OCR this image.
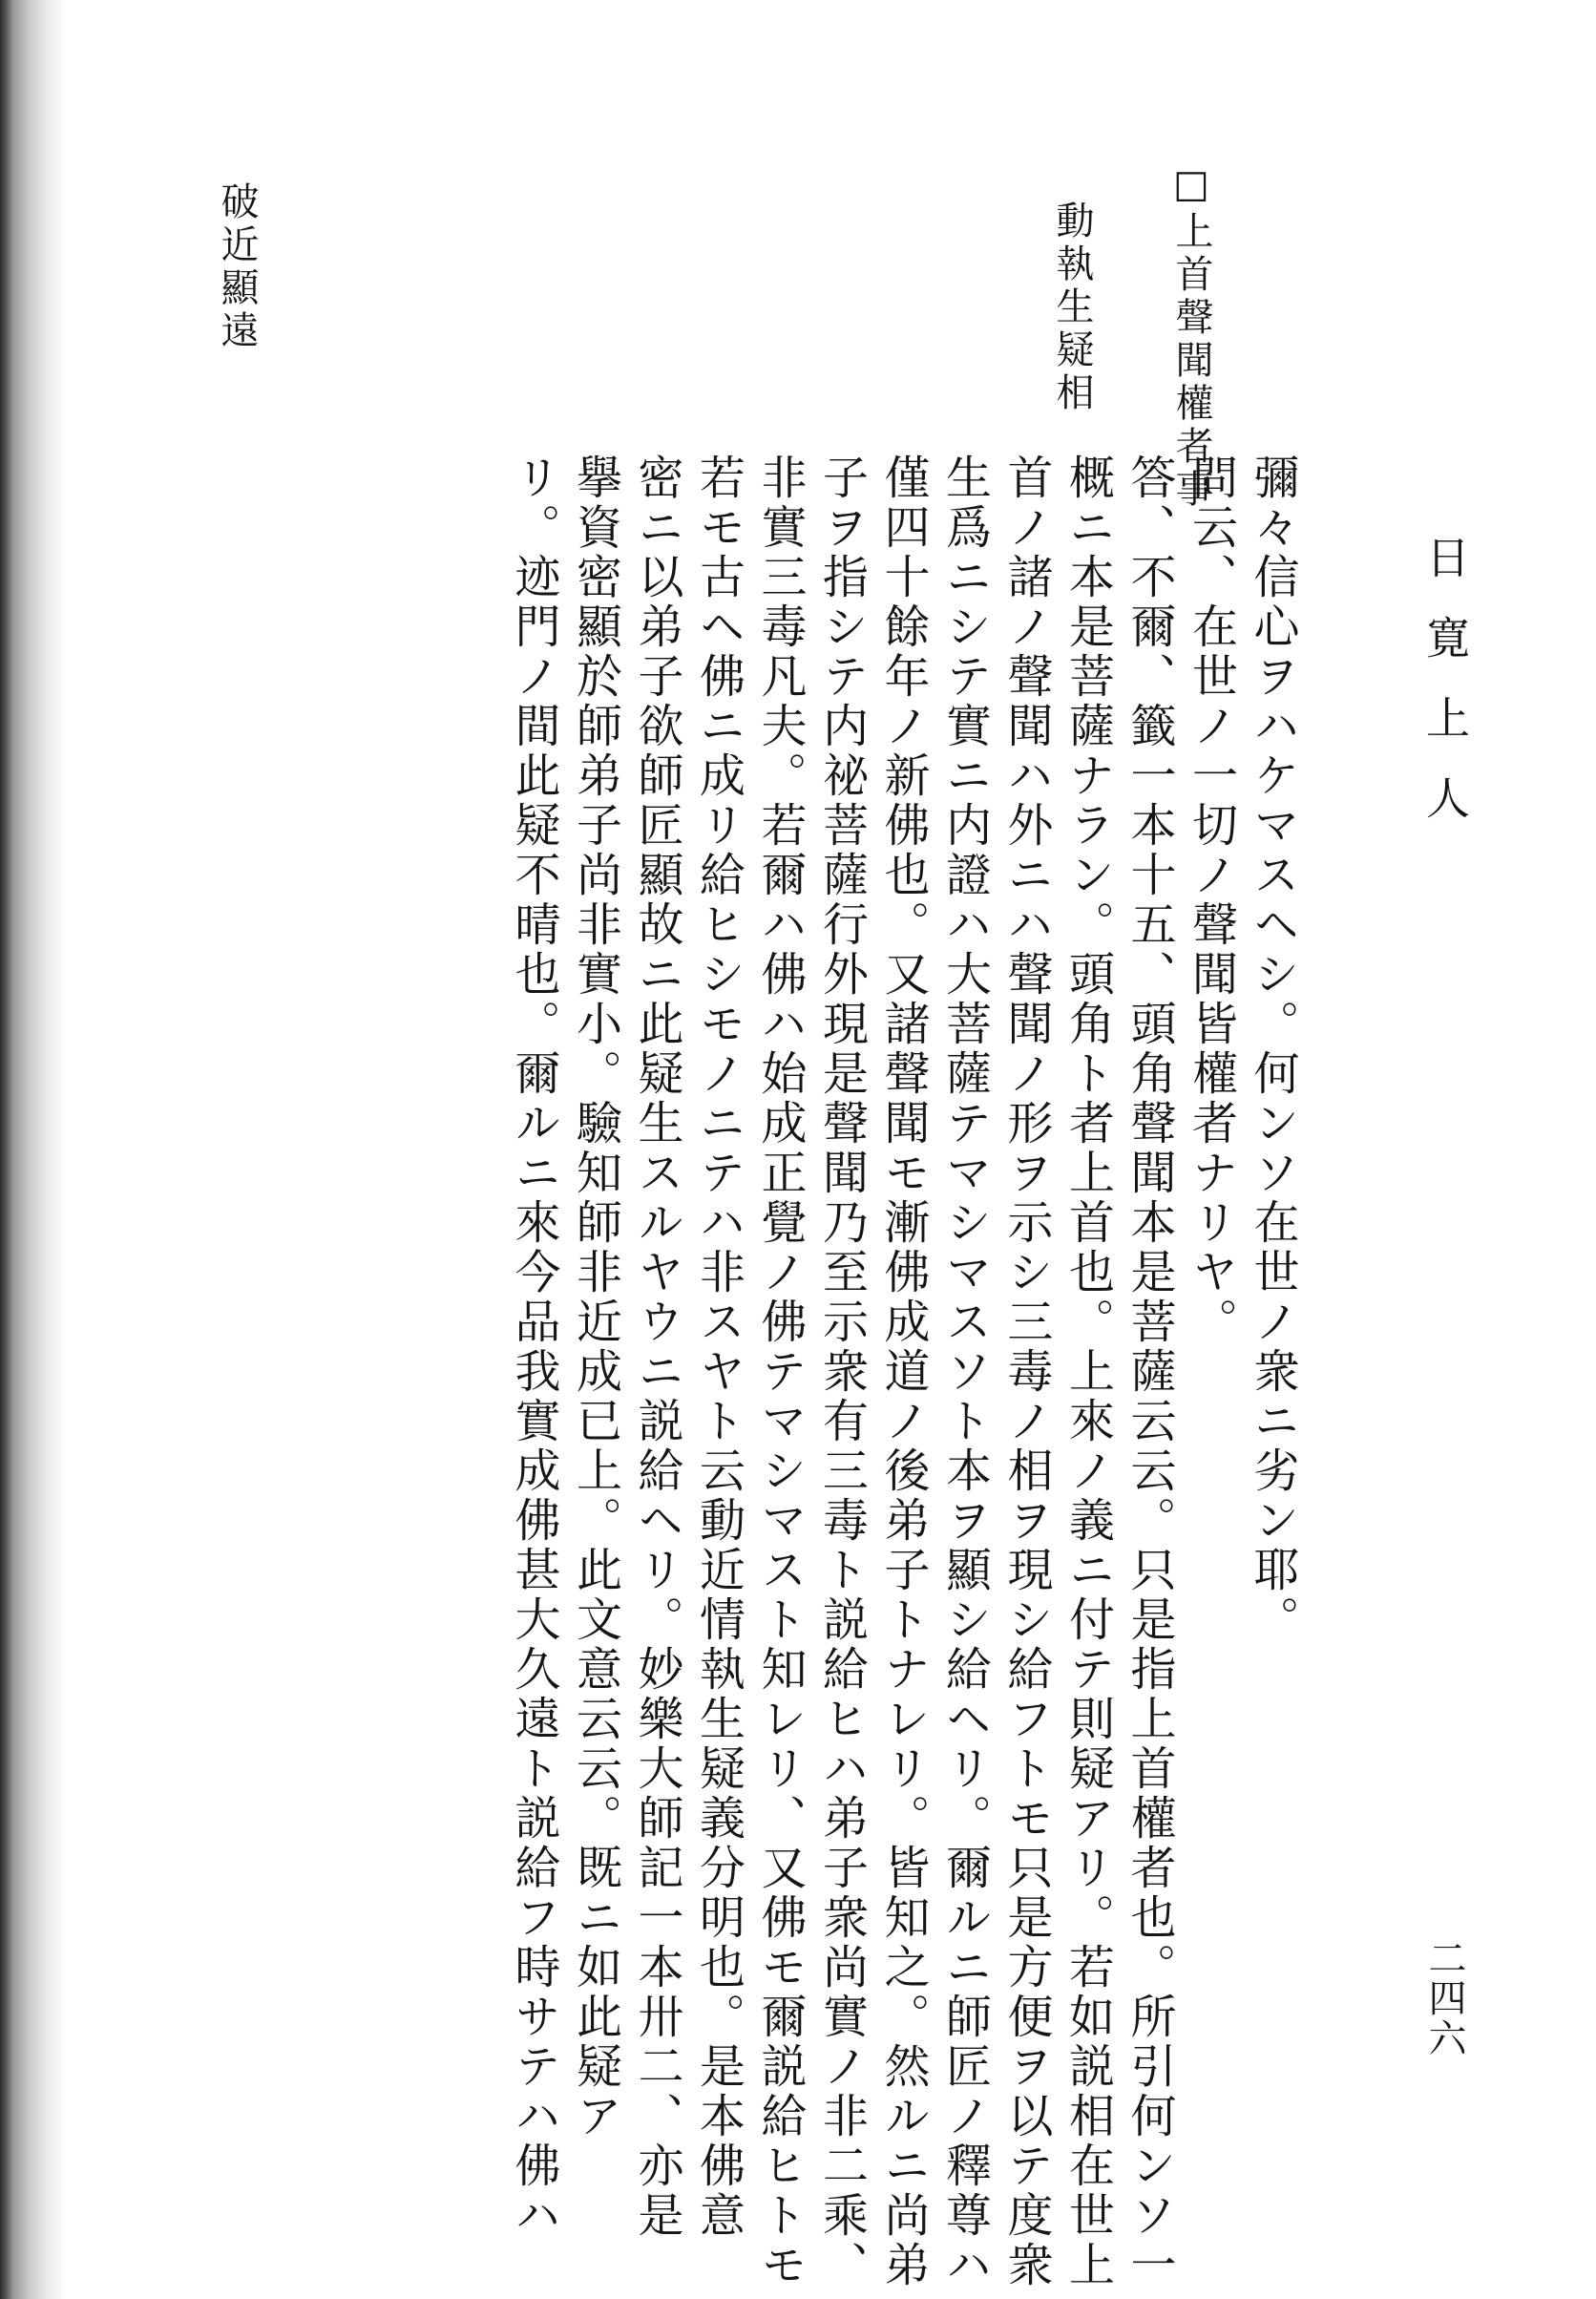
日寛上人
二四六
□上首聲聞權者事
動執生疑相
破近顯遠
彌々信心ヲハケマスヘシ。何ンソ在世ノ衆ニ劣ン耶。
問云、在世ノ一切ノ聲聞皆權者ナリヤ。
答、不爾、籤一本十五、頭角聲聞本是菩薩云云。只是指上首權者也。所引何ンソ一
概ニ本是菩薩ナラン。頭角ト者上首也。上來ノ義ニ付テ則疑アリ。若如説相在世上
首ノ諸ノ聲聞ハ外ニハ聲聞ノ形ヲ示シ三毒ノ相ヲ現シ給フトモ只是方便ヲ以テ度衆
生爲ニシテ實ニ内證ハ大菩薩テマシマスソト本ヲ顯シ給ヘリ。爾ルニ師匠ノ釋尊ハ
僅四十餘年ノ新佛也。又諸聲聞モ漸佛成道ノ後弟子トナレリ。皆知之。然ルニ尚弟
子ヲ指シテ内祕菩薩行外現是聲聞乃至示衆有三毒ト説給ヒハ弟子衆尚實ノ非二乘、
非實三毒凡夫。若爾ハ佛ハ始成正覺ノ佛テマシマスト知レリ、又佛モ爾説給ヒトモ
若モ古ヘ佛ニ成リ給ヒシモノニテハ非スヤト云動近情執生疑義分明也。是本佛意
密ニ以弟子欲師匠顯故ニ此疑生スルヤウニ説給ヘリ。妙樂大師記一本卅二、亦是
擧資密顯於師弟子尚非實小。驗知師非近成已上。此文意云云。既ニ如此疑ア
リ。迹門ノ間此疑不晴也。爾ルニ來今品我實成佛甚大久遠ト説給フ時サテハ佛ハ
